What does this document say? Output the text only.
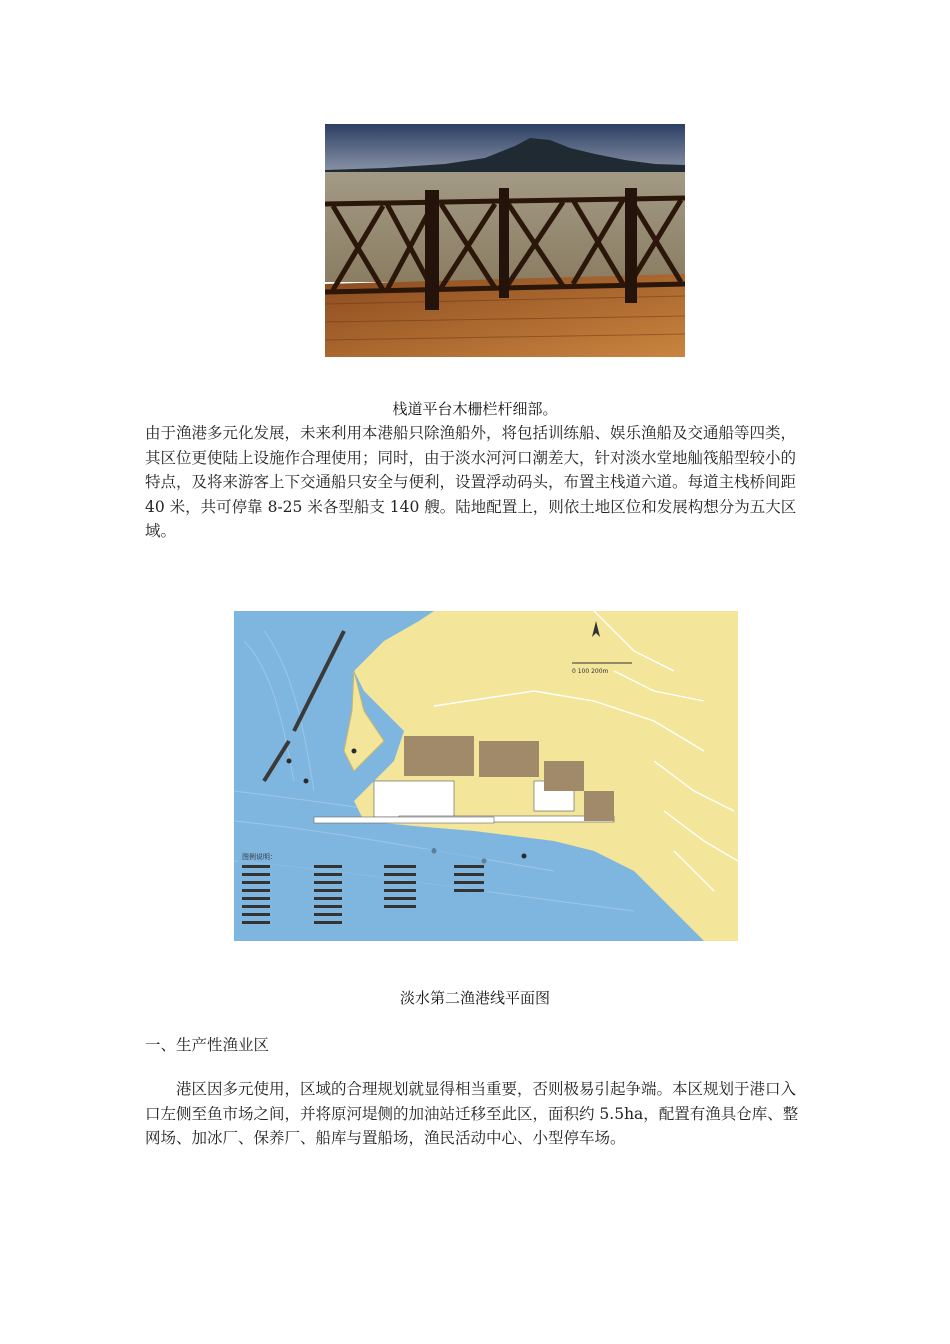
栈道平台木栅栏杆细部。

由于渔港多元化发展，未来利用本港船只除渔船外，将包括训练船、娱乐渔船及交通船等四类，其区位更使陆上设施作合理使用；同时，由于淡水河河口潮差大，针对淡水堂地舢筏船型较小的特点，及将来游客上下交通船只安全与便利，设置浮动码头，布置主栈道六道。每道主栈桥间距 40 米，共可停靠 8-25 米各型船支 140 艘。陆地配置上，则依土地区位和发展构想分为五大区域。

0 100 200m
图例说明：
淡水第二渔港线平面图

一、生产性渔业区

港区因多元使用，区域的合理规划就显得相当重要，否则极易引起争端。本区规划于港口入口左侧至鱼市场之间，并将原河堤侧的加油站迁移至此区，面积约 5.5ha，配置有渔具仓库、整网场、加冰厂、保养厂、船库与置船场，渔民活动中心、小型停车场。
